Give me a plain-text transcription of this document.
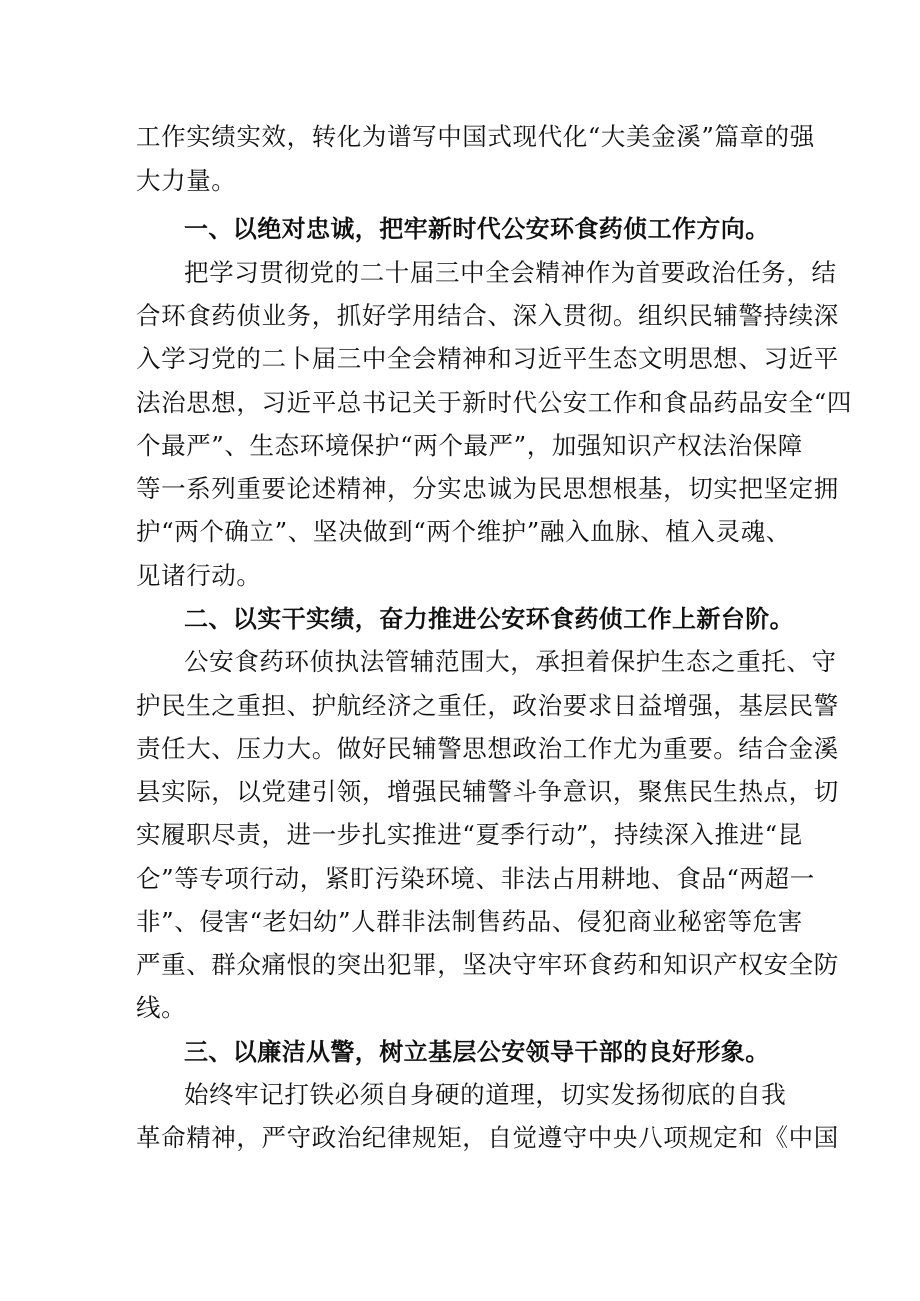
工作实绩实效，转化为谱写中国式现代化“大美金溪”篇章的强
大力量。
一、以绝对忠诚，把牢新时代公安环食药侦工作方向。
把学习贯彻党的二十届三中全会精神作为首要政治任务，结
合环食药侦业务，抓好学用结合、深入贯彻。组织民辅警持续深
入学习党的二卜届三中全会精神和习近平生态文明思想、习近平
法治思想，习近平总书记关于新时代公安工作和食品药品安全“四
个最严”、生态环境保护“两个最严”，加强知识产权法治保障
等一系列重要论述精神，分实忠诚为民思想根基，切实把坚定拥
护“两个确立”、坚决做到“两个维护”融入血脉、植入灵魂、
见诸行动。
二、以实干实绩，奋力推进公安环食药侦工作上新台阶。
公安食药环侦执法管辅范围大，承担着保护生态之重托、守
护民生之重担、护航经济之重任，政治要求日益增强，基层民警
责任大、压力大。做好民辅警思想政治工作尤为重要。结合金溪
县实际，以党建引领，增强民辅警斗争意识，聚焦民生热点，切
实履职尽责，进一步扎实推进“夏季行动”，持续深入推进“昆
仑”等专项行动，紧盯污染环境、非法占用耕地、食品“两超一
非”、侵害“老妇幼”人群非法制售药品、侵犯商业秘密等危害
严重、群众痛恨的突出犯罪，坚决守牢环食药和知识产权安全防
线。
三、以廉洁从警，树立基层公安领导干部的良好形象。
始终牢记打铁必须自身硬的道理，切实发扬彻底的自我
革命精神，严守政治纪律规矩，自觉遵守中央八项规定和《中国
